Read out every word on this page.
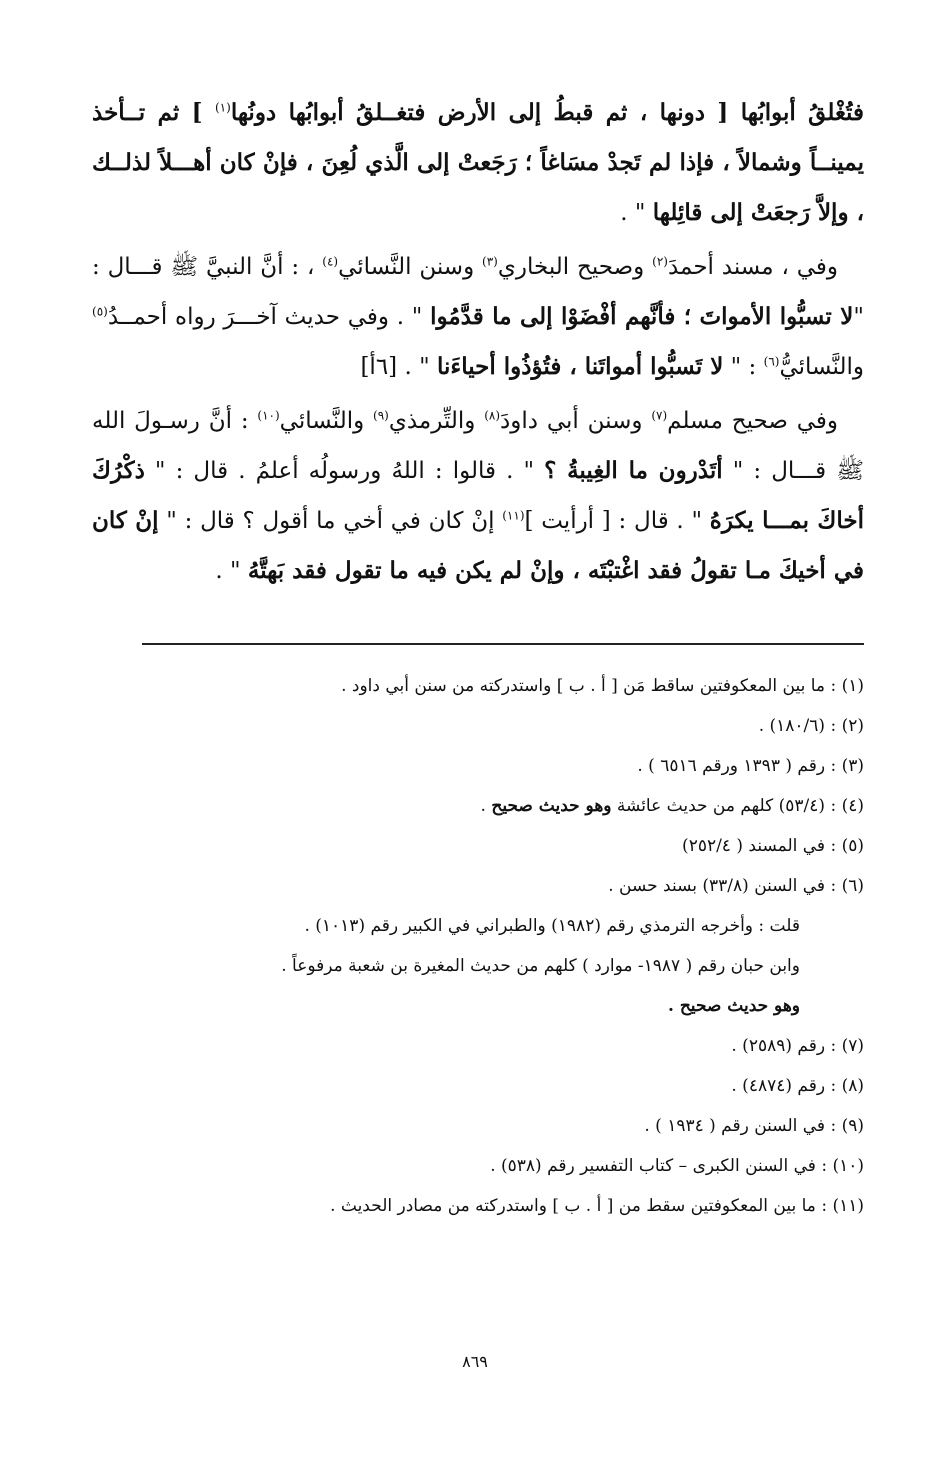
فتُغْلقُ أبوابُها [ دونها ، ثم قبطُ إلى الأرض فتغــلقُ أبوابُها دونُها$^{(١)}$ ] ثم تــأخذ يمينــاً وشمالاً ، فإذا لم تَجدْ مسَاغاً ؛ رَجَعتْ إلى الَّذي لُعِنَ ، فإنْ كان أهـــلاً لذلــك ، وإلاَّ رَجعَتْ إلى قائِلها " .
وفي ، مسند أحمدَ$^{(٢)}$ وصحيح البخاري$^{(٣)}$ وسنن النَّسائي$^{(٤)}$ ، : أنَّ النبيَّ ﷺ قـــال : "لا تسبُّوا الأمواتَ ؛ فأنَّهم أفْضَوْا إلى ما قدَّمُوا " . وفي حديث آخـــرَ رواه أحمــدُ$^{(٥)}$ والنَّسائيُّ$^{(٦)}$ : " لا تَسبُّوا أمواتَنا ، فتُؤذُوا أحياءَنا " . [٦أ]
وفي صحيح مسلم$^{(٧)}$ وسنن أبي داودَ$^{(٨)}$ والتِّرمذي$^{(٩)}$ والنَّسائي$^{(١٠)}$ : أنَّ رسـولَ الله ﷺ قـــال : " أتَدْرون ما الغِيبةُ ؟ " . قالوا : اللهُ ورسولُه أعلمُ . قال : " ذكْرُكَ أخاكَ بمـــا يكرَهُ " . قال : [ أرأيت ]$^{(١١)}$ إنْ كان في أخي ما أقول ؟ قال : " إنْ كان في أخيكَ مـا تقولُ فقد اغْتبْتَه ، وإنْ لم يكن فيه ما تقول فقد بَهتَّهُ " .
(١) : ما بين المعكوفتين ساقط مَن [ أ . ب ] واستدركته من سنن أبي داود .
(٢) : (١٨٠/٦) .
(٣) : رقم ( ١٣٩٣ ورقم ٦٥١٦ ) .
(٤) : (٥٣/٤) كلهم من حديث عائشة وهو حديث صحيح .
(٥) : في المسند ( ٢٥٢/٤)
(٦) : في السنن (٣٣/٨) بسند حسن .
قلت : وأخرجه الترمذي رقم (١٩٨٢) والطبراني في الكبير رقم (١٠١٣) .
وابن حبان رقم ( ١٩٨٧- موارد ) كلهم من حديث المغيرة بن شعبة مرفوعاً .
وهو حديث صحيح .
(٧) : رقم (٢٥٨٩) .
(٨) : رقم (٤٨٧٤) .
(٩) : في السنن رقم ( ١٩٣٤ ) .
(١٠) : في السنن الكبرى – كتاب التفسير رقم (٥٣٨) .
(١١) : ما بين المعكوفتين سقط من [ أ . ب ] واستدركته من مصادر الحديث .
٨٦٩
